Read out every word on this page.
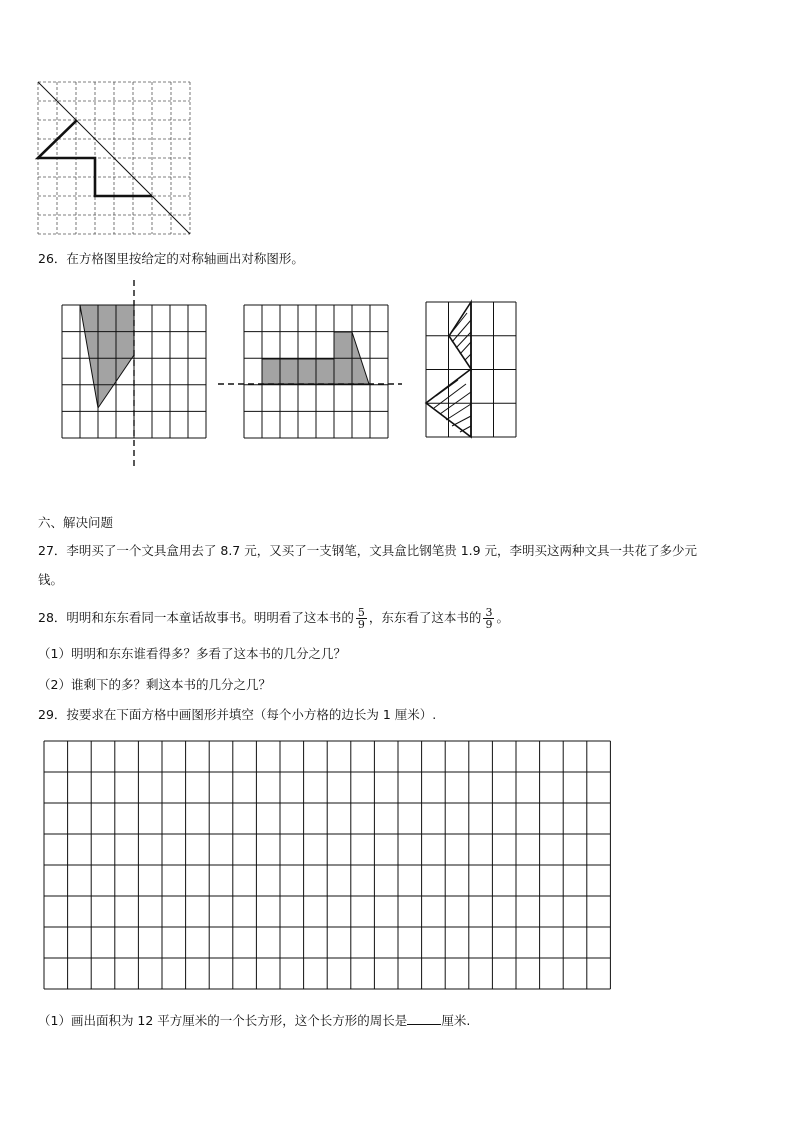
26．在方格图里按给定的对称轴画出对称图形。
六、解决问题
27．李明买了一个文具盒用去了 8.7 元，又买了一支钢笔，文具盒比钢笔贵 1.9 元，李明买这两种文具一共花了多少元
钱。
28．明明和东东看同一本童话故事书。明明看了这本书的 $\frac{5}{9}$ ，东东看了这本书的 $\frac{3}{9}$ 。
（1）明明和东东谁看得多？多看了这本书的几分之几？
（2）谁剩下的多？剩这本书的几分之几？
29．按要求在下面方格中画图形并填空（每个小方格的边长为 1 厘米）.
（1）画出面积为 12 平方厘米的一个长方形，这个长方形的周长是	厘米.
